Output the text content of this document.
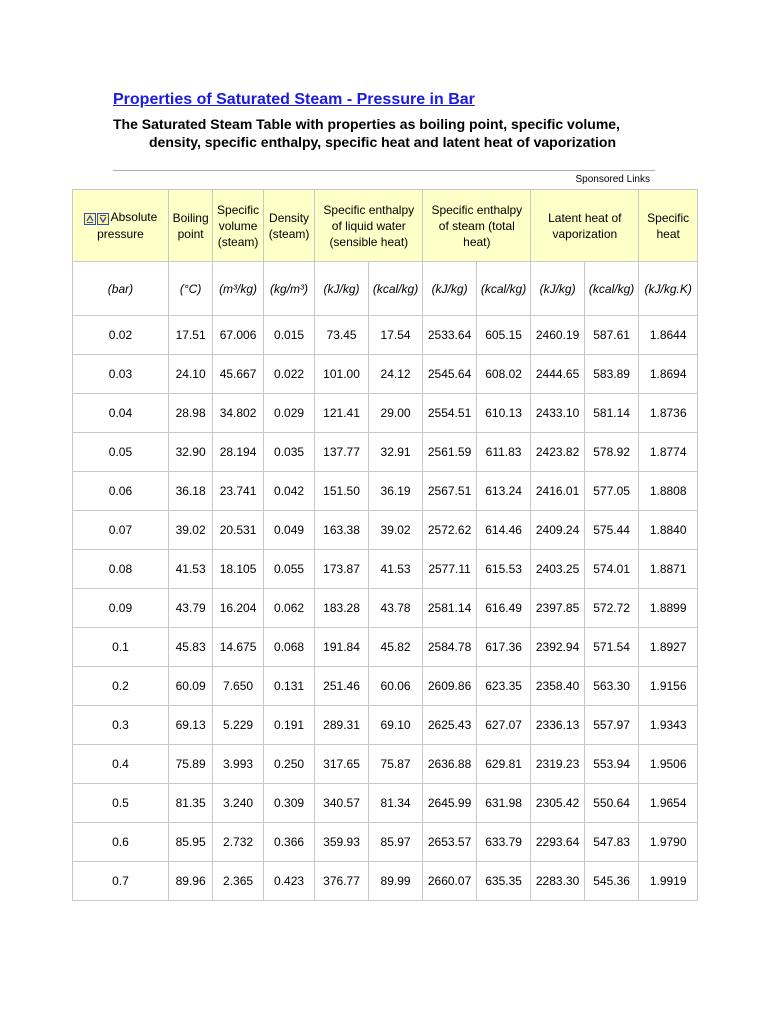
Properties of Saturated Steam - Pressure in Bar
The Saturated Steam Table with properties as boiling point, specific volume, density, specific enthalpy, specific heat and latent heat of vaporization
Sponsored Links
Absolute pressure	Boiling point	Specific volume (steam)	Density (steam)	Specific enthalpy of liquid water (sensible heat)		Specific enthalpy of steam (total heat)		Latent heat of vaporization		Specific heat
(bar)	(°C)	(m³/kg)	(kg/m³)	(kJ/kg)	(kcal/kg)	(kJ/kg)	(kcal/kg)	(kJ/kg)	(kcal/kg)	(kJ/kg.K)
0.02	17.51	67.006	0.015	73.45	17.54	2533.64	605.15	2460.19	587.61	1.8644
0.03	24.10	45.667	0.022	101.00	24.12	2545.64	608.02	2444.65	583.89	1.8694
0.04	28.98	34.802	0.029	121.41	29.00	2554.51	610.13	2433.10	581.14	1.8736
0.05	32.90	28.194	0.035	137.77	32.91	2561.59	611.83	2423.82	578.92	1.8774
0.06	36.18	23.741	0.042	151.50	36.19	2567.51	613.24	2416.01	577.05	1.8808
0.07	39.02	20.531	0.049	163.38	39.02	2572.62	614.46	2409.24	575.44	1.8840
0.08	41.53	18.105	0.055	173.87	41.53	2577.11	615.53	2403.25	574.01	1.8871
0.09	43.79	16.204	0.062	183.28	43.78	2581.14	616.49	2397.85	572.72	1.8899
0.1	45.83	14.675	0.068	191.84	45.82	2584.78	617.36	2392.94	571.54	1.8927
0.2	60.09	7.650	0.131	251.46	60.06	2609.86	623.35	2358.40	563.30	1.9156
0.3	69.13	5.229	0.191	289.31	69.10	2625.43	627.07	2336.13	557.97	1.9343
0.4	75.89	3.993	0.250	317.65	75.87	2636.88	629.81	2319.23	553.94	1.9506
0.5	81.35	3.240	0.309	340.57	81.34	2645.99	631.98	2305.42	550.64	1.9654
0.6	85.95	2.732	0.366	359.93	85.97	2653.57	633.79	2293.64	547.83	1.9790
0.7	89.96	2.365	0.423	376.77	89.99	2660.07	635.35	2283.30	545.36	1.9919
